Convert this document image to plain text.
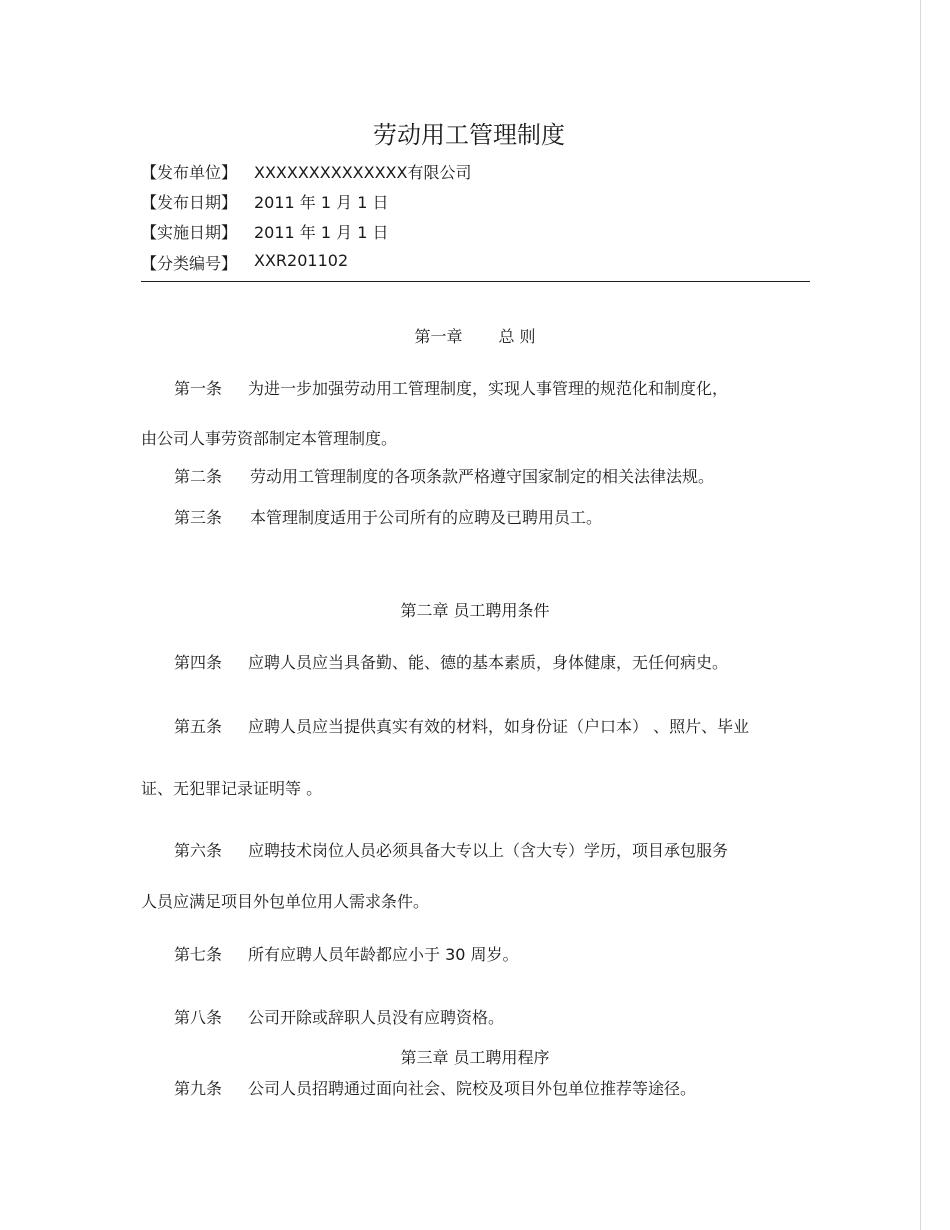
劳动用工管理制度
【发布单位】 XXXXXXXXXXXXXX有限公司
【发布日期】 2011 年 1 月 1 日
【实施日期】 2011 年 1 月 1 日
【分类编号】 XXR201102
第一章 总 则
第一条 为进一步加强劳动用工管理制度，实现人事管理的规范化和制度化，
由公司人事劳资部制定本管理制度。
第二条 劳动用工管理制度的各项条款严格遵守国家制定的相关法律法规。
第三条 本管理制度适用于公司所有的应聘及已聘用员工。
第二章 员工聘用条件
第四条 应聘人员应当具备勤、能、德的基本素质，身体健康，无任何病史。
第五条 应聘人员应当提供真实有效的材料，如身份证（户口本） 、照片、毕业
证、无犯罪记录证明等 。
第六条 应聘技术岗位人员必须具备大专以上（含大专）学历，项目承包服务
人员应满足项目外包单位用人需求条件。
第七条 所有应聘人员年龄都应小于 30 周岁。
第八条 公司开除或辞职人员没有应聘资格。
第三章 员工聘用程序
第九条 公司人员招聘通过面向社会、院校及项目外包单位推荐等途径。
